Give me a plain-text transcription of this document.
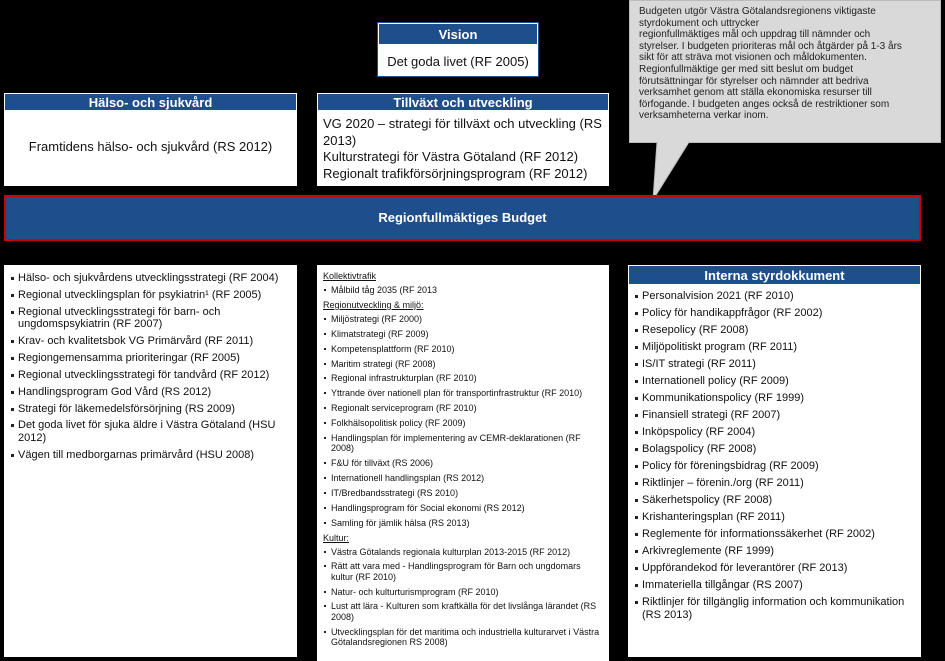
Vision
Det goda livet (RF 2005)
Hälso- och sjukvård
Framtidens hälso- och sjukvård (RS 2012)
Tillväxt och utveckling
VG 2020 – strategi för tillväxt och utveckling (RS 2013)
Kulturstrategi för Västra Götaland (RF 2012)
Regionalt trafikförsörjningsprogram (RF 2012)
Budgeten utgör Västra Götalandsregionens viktigaste
styrdokument och uttrycker
regionfullmäktiges mål och uppdrag till nämnder och
styrelser. I budgeten prioriteras mål och åtgärder på 1-3 års
sikt för att sträva mot visionen och måldokumenten.
Regionfullmäktige ger med sitt beslut om budget
förutsättningar för styrelser och nämnder att bedriva
verksamhet genom att ställa ekonomiska resurser till
förfogande. I budgeten anges också de restriktioner som
verksamheterna verkar inom.
Regionfullmäktiges Budget
Hälso- och sjukvårdens utvecklingsstrategi (RF 2004)
Regional utvecklingsplan för psykiatrin¹ (RF 2005)
Regional utvecklingsstrategi för barn- och ungdomspsykiatrin (RF 2007)
Krav- och kvalitetsbok VG Primärvård (RF 2011)
Regiongemensamma prioriteringar (RF 2005)
Regional utvecklingsstrategi för tandvård (RF 2012)
Handlingsprogram God Vård (RS 2012)
Strategi för läkemedelsförsörjning (RS 2009)
Det goda livet för sjuka äldre i Västra Götaland (HSU 2012)
Vägen till medborgarnas primärvård (HSU 2008)
Kollektivtrafik
Målbild tåg 2035 (RF 2013
Regionutveckling & miljö:
Miljöstrategi (RF 2000)
Klimatstrategi (RF 2009)
Kompetensplattform (RF 2010)
Maritim strategi (RF 2008)
Regional infrastrukturplan (RF 2010)
Yttrande över nationell plan för transportinfrastruktur (RF 2010)
Regionalt serviceprogram (RF 2010)
Folkhälsopolitisk policy (RF 2009)
Handlingsplan för implementering av CEMR-deklarationen (RF 2008)
F&U för tillväxt (RS 2006)
Internationell handlingsplan (RS 2012)
IT/Bredbandsstrategi (RS 2010)
Handlingsprogram för Social ekonomi (RS 2012)
Samling för jämlik hälsa (RS 2013)
Kultur:
Västra Götalands regionala kulturplan 2013-2015 (RF 2012)
Rätt att vara med - Handlingsprogram för Barn och ungdomars kultur (RF 2010)
Natur- och kulturturismprogram (RF 2010)
Lust att lära - Kulturen som kraftkälla för det livslånga lärandet (RS 2008)
Utvecklingsplan för det maritima och industriella kulturarvet i Västra Götalandsregionen RS 2008)
Interna styrdokkument
Personalvision 2021 (RF 2010)
Policy för handikappfrågor (RF 2002)
Resepolicy (RF 2008)
Miljöpolitiskt program (RF 2011)
IS/IT strategi (RF 2011)
Internationell policy (RF 2009)
Kommunikationspolicy (RF 1999)
Finansiell strategi (RF 2007)
Inköpspolicy (RF 2004)
Bolagspolicy (RF 2008)
Policy för föreningsbidrag (RF 2009)
Riktlinjer – förenin./org (RF 2011)
Säkerhetspolicy (RF 2008)
Krishanteringsplan (RF 2011)
Reglemente för informationssäkerhet (RF 2002)
Arkivreglemente (RF 1999)
Uppförandekod för leverantörer (RF 2013)
Immateriella tillgångar (RS 2007)
Riktlinjer för tillgänglig information och kommunikation (RS 2013)
